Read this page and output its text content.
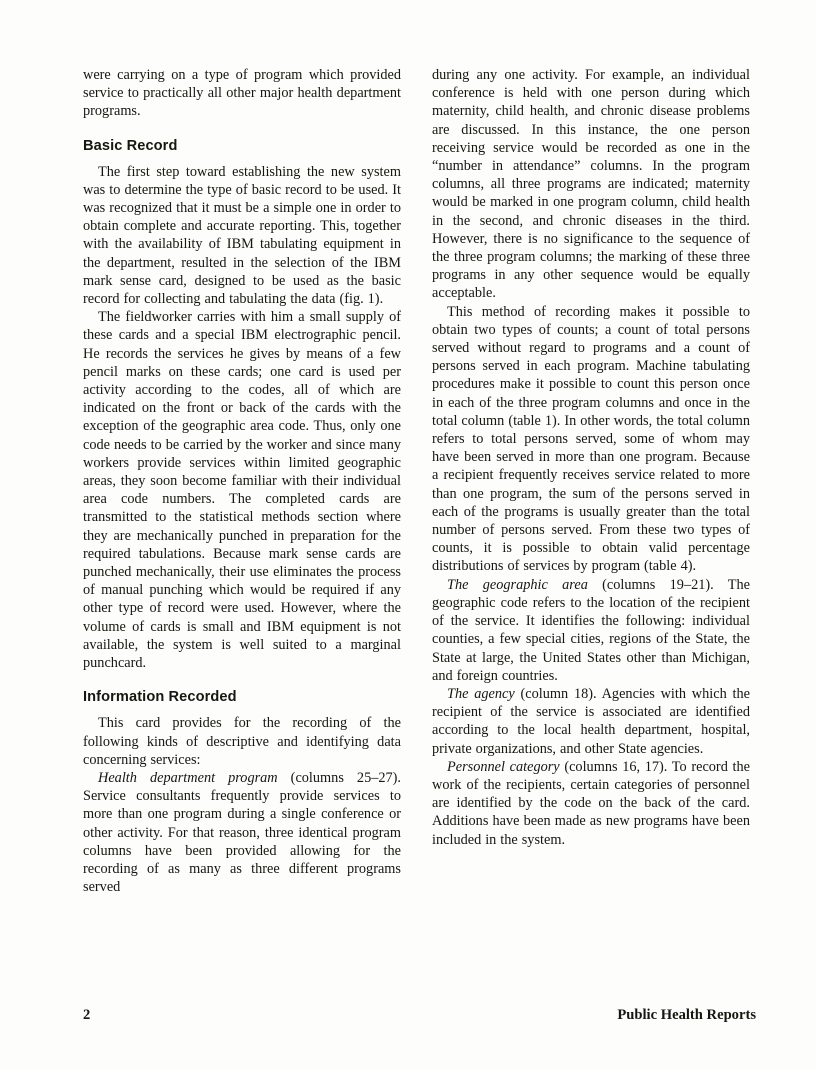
were carrying on a type of program which provided service to practically all other major health department programs.

Basic Record

The first step toward establishing the new system was to determine the type of basic record to be used. It was recognized that it must be a simple one in order to obtain complete and accurate reporting. This, together with the availability of IBM tabulating equipment in the department, resulted in the selection of the IBM mark sense card, designed to be used as the basic record for collecting and tabulating the data (fig. 1).

The fieldworker carries with him a small supply of these cards and a special IBM electrographic pencil. He records the services he gives by means of a few pencil marks on these cards; one card is used per activity according to the codes, all of which are indicated on the front or back of the cards with the exception of the geographic area code. Thus, only one code needs to be carried by the worker and since many workers provide services within limited geographic areas, they soon become familiar with their individual area code numbers. The completed cards are transmitted to the statistical methods section where they are mechanically punched in preparation for the required tabulations. Because mark sense cards are punched mechanically, their use eliminates the process of manual punching which would be required if any other type of record were used. However, where the volume of cards is small and IBM equipment is not available, the system is well suited to a marginal punchcard.

Information Recorded

This card provides for the recording of the following kinds of descriptive and identifying data concerning services:

Health department program (columns 25–27). Service consultants frequently provide services to more than one program during a single conference or other activity. For that reason, three identical program columns have been provided allowing for the recording of as many as three different programs served

during any one activity. For example, an individual conference is held with one person during which maternity, child health, and chronic disease problems are discussed. In this instance, the one person receiving service would be recorded as one in the “number in attendance” columns. In the program columns, all three programs are indicated; maternity would be marked in one program column, child health in the second, and chronic diseases in the third. However, there is no significance to the sequence of the three program columns; the marking of these three programs in any other sequence would be equally acceptable.

This method of recording makes it possible to obtain two types of counts; a count of total persons served without regard to programs and a count of persons served in each program. Machine tabulating procedures make it possible to count this person once in each of the three program columns and once in the total column (table 1). In other words, the total column refers to total persons served, some of whom may have been served in more than one program. Because a recipient frequently receives service related to more than one program, the sum of the persons served in each of the programs is usually greater than the total number of persons served. From these two types of counts, it is possible to obtain valid percentage distributions of services by program (table 4).

The geographic area (columns 19–21). The geographic code refers to the location of the recipient of the service. It identifies the following: individual counties, a few special cities, regions of the State, the State at large, the United States other than Michigan, and foreign countries.

The agency (column 18). Agencies with which the recipient of the service is associated are identified according to the local health department, hospital, private organizations, and other State agencies.

Personnel category (columns 16, 17). To record the work of the recipients, certain categories of personnel are identified by the code on the back of the card. Additions have been made as new programs have been included in the system.

2	Public Health Reports
